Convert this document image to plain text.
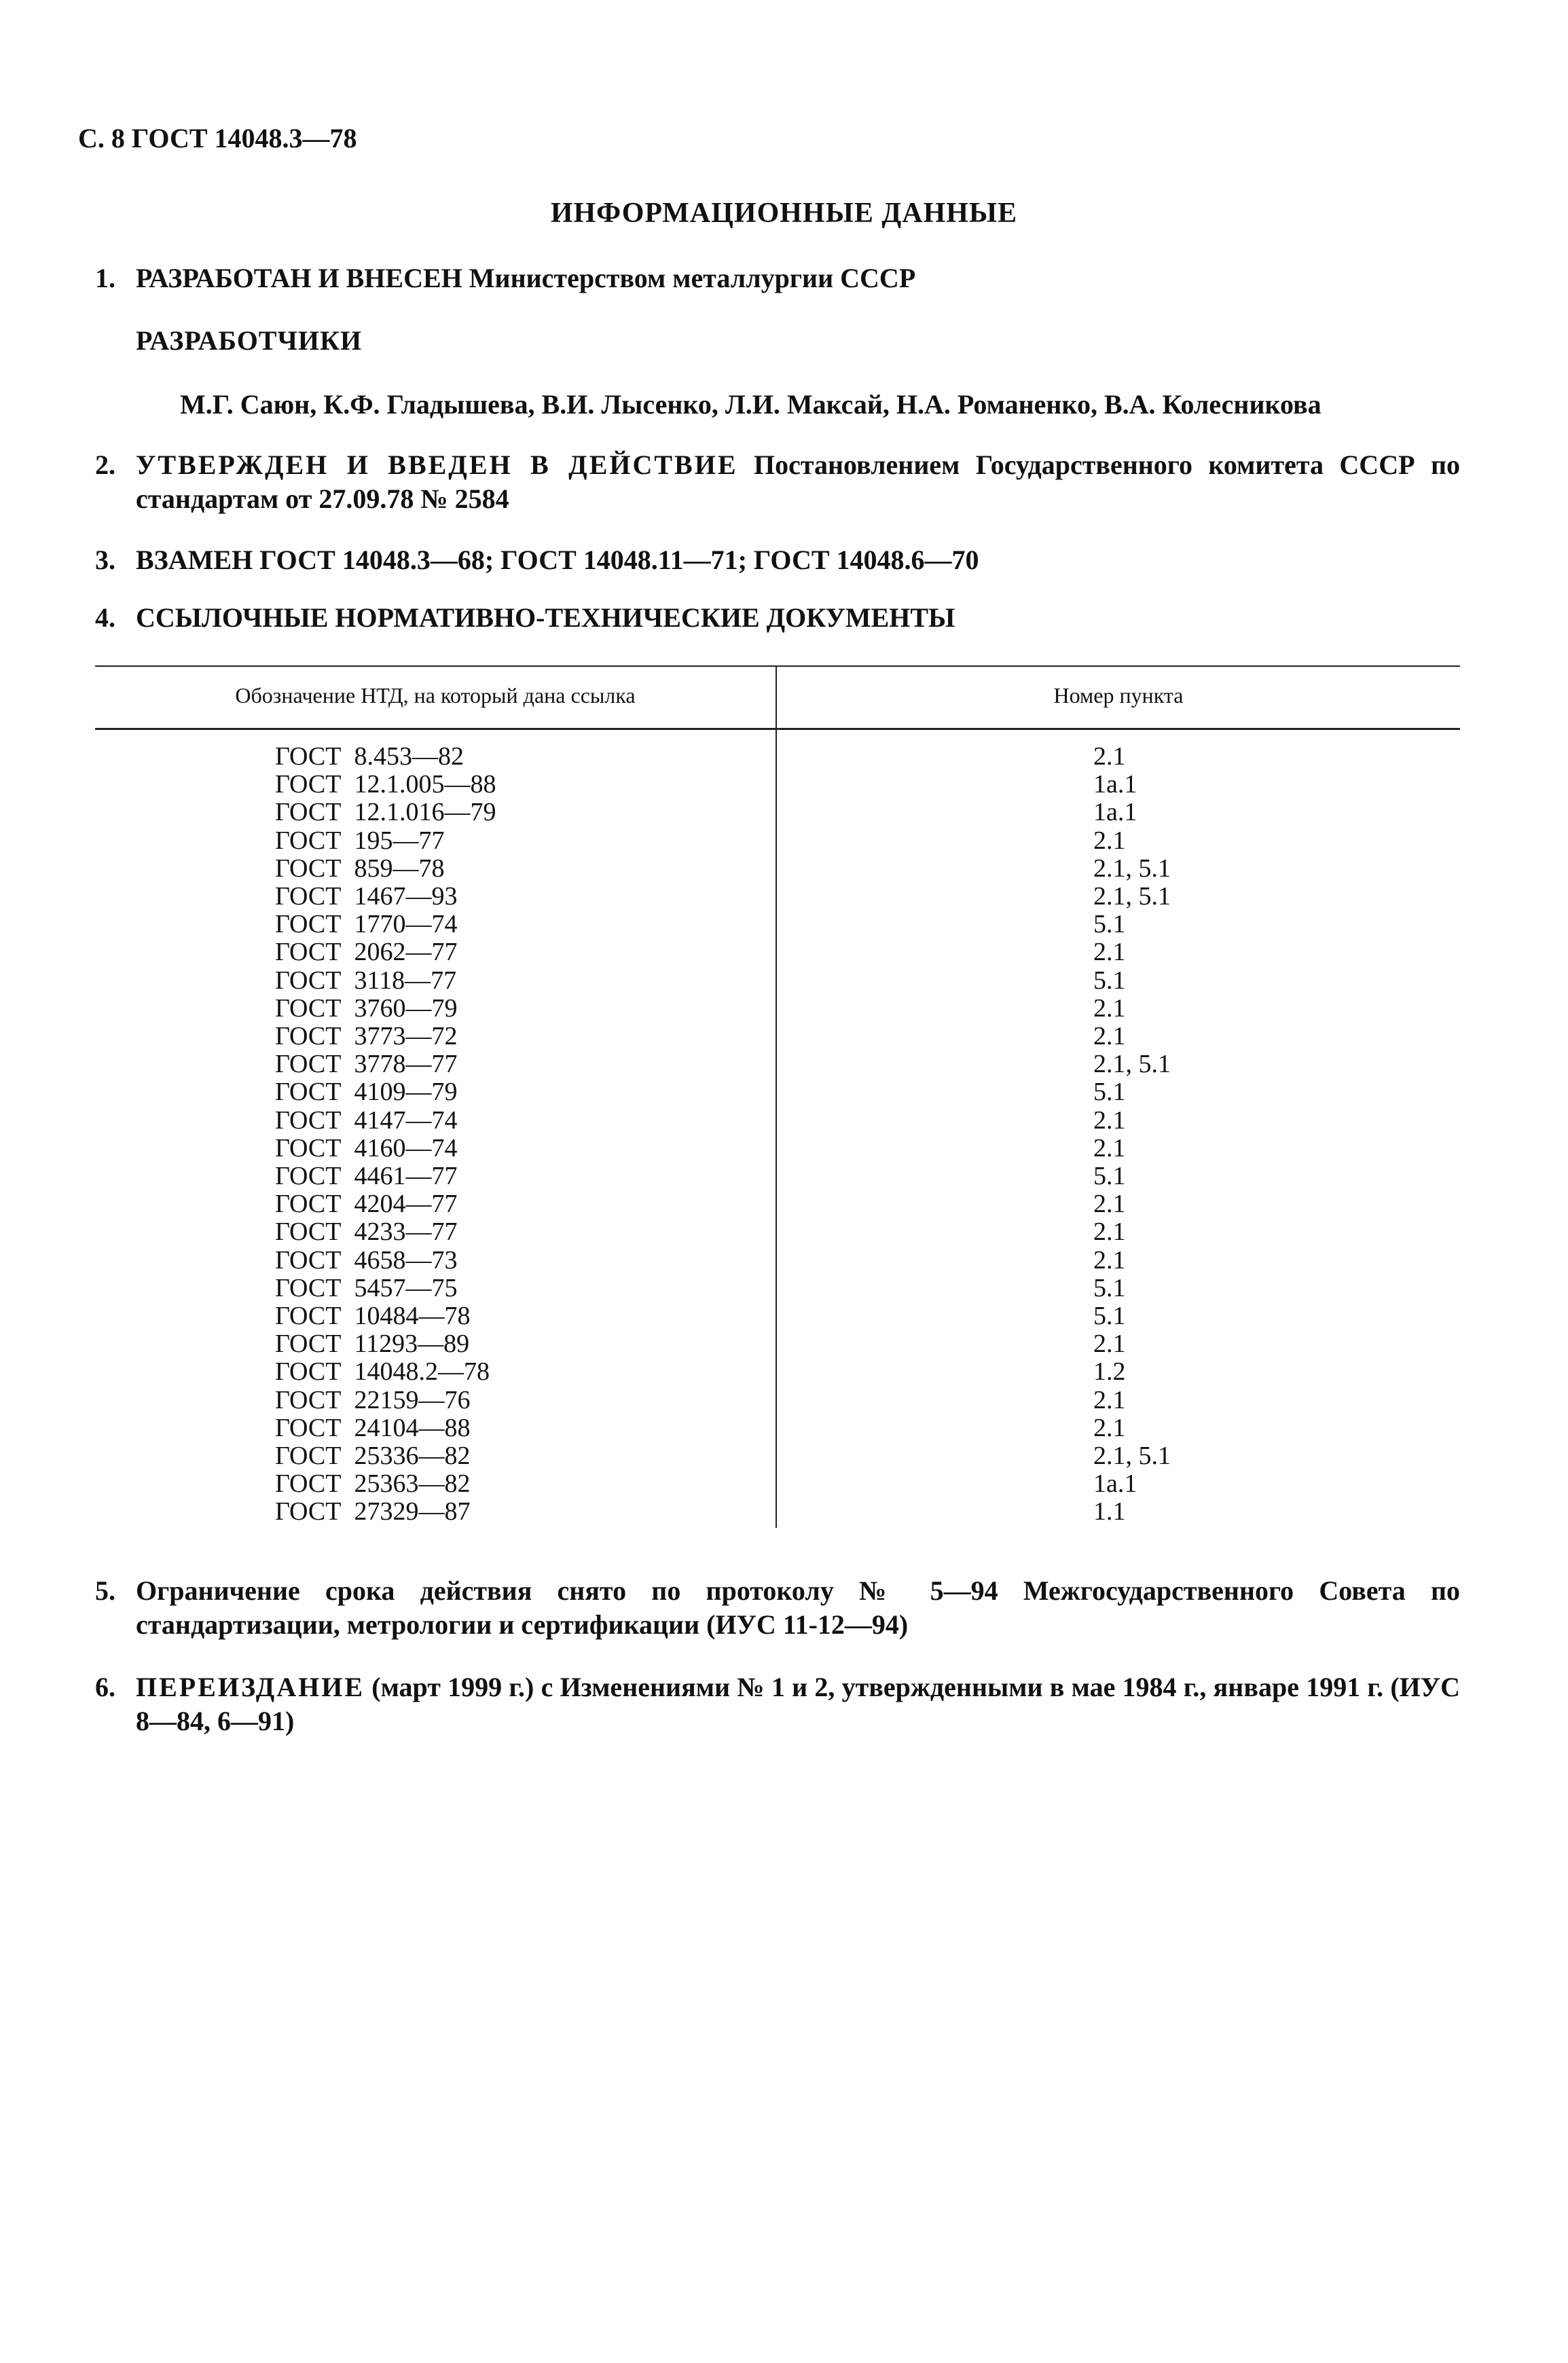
С. 8 ГОСТ 14048.3—78

ИНФОРМАЦИОННЫЕ ДАННЫЕ
1. РАЗРАБОТАН И ВНЕСЕН Министерством металлургии СССР
РАЗРАБОТЧИКИ
М.Г. Саюн, К.Ф. Гладышева, В.И. Лысенко, Л.И. Максай, Н.А. Романенко, В.А. Колесникова
2. УТВЕРЖДЕН И ВВЕДЕН В ДЕЙСТВИЕ Постановлением Государственного комитета СССР по стандартам от 27.09.78 № 2584
3. ВЗАМЕН ГОСТ 14048.3—68; ГОСТ 14048.11—71; ГОСТ 14048.6—70
4. ССЫЛОЧНЫЕ НОРМАТИВНО-ТЕХНИЧЕСКИЕ ДОКУМЕНТЫ
Обозначение НТД, на который дана ссылка	Номер пункта
ГОСТ  8.453—82
ГОСТ  12.1.005—88
ГОСТ  12.1.016—79
ГОСТ  195—77
ГОСТ  859—78
ГОСТ  1467—93
ГОСТ  1770—74
ГОСТ  2062—77
ГОСТ  3118—77
ГОСТ  3760—79
ГОСТ  3773—72
ГОСТ  3778—77
ГОСТ  4109—79
ГОСТ  4147—74
ГОСТ  4160—74
ГОСТ  4461—77
ГОСТ  4204—77
ГОСТ  4233—77
ГОСТ  4658—73
ГОСТ  5457—75
ГОСТ  10484—78
ГОСТ  11293—89
ГОСТ  14048.2—78
ГОСТ  22159—76
ГОСТ  24104—88
ГОСТ  25336—82
ГОСТ  25363—82
ГОСТ  27329—87
2.1
1а.1
1а.1
2.1
2.1, 5.1
2.1, 5.1
5.1
2.1
5.1
2.1
2.1
2.1, 5.1
5.1
2.1
2.1
5.1
2.1
2.1
2.1
5.1
5.1
2.1
1.2
2.1
2.1
2.1, 5.1
1а.1
1.1
5. Ограничение срока действия снято по протоколу № 5—94 Межгосударственного Совета по стандартизации, метрологии и сертификации (ИУС 11-12—94)
6. ПЕРЕИЗДАНИЕ (март 1999 г.) с Изменениями № 1 и 2, утвержденными в мае 1984 г., январе 1991 г. (ИУС 8—84, 6—91)
